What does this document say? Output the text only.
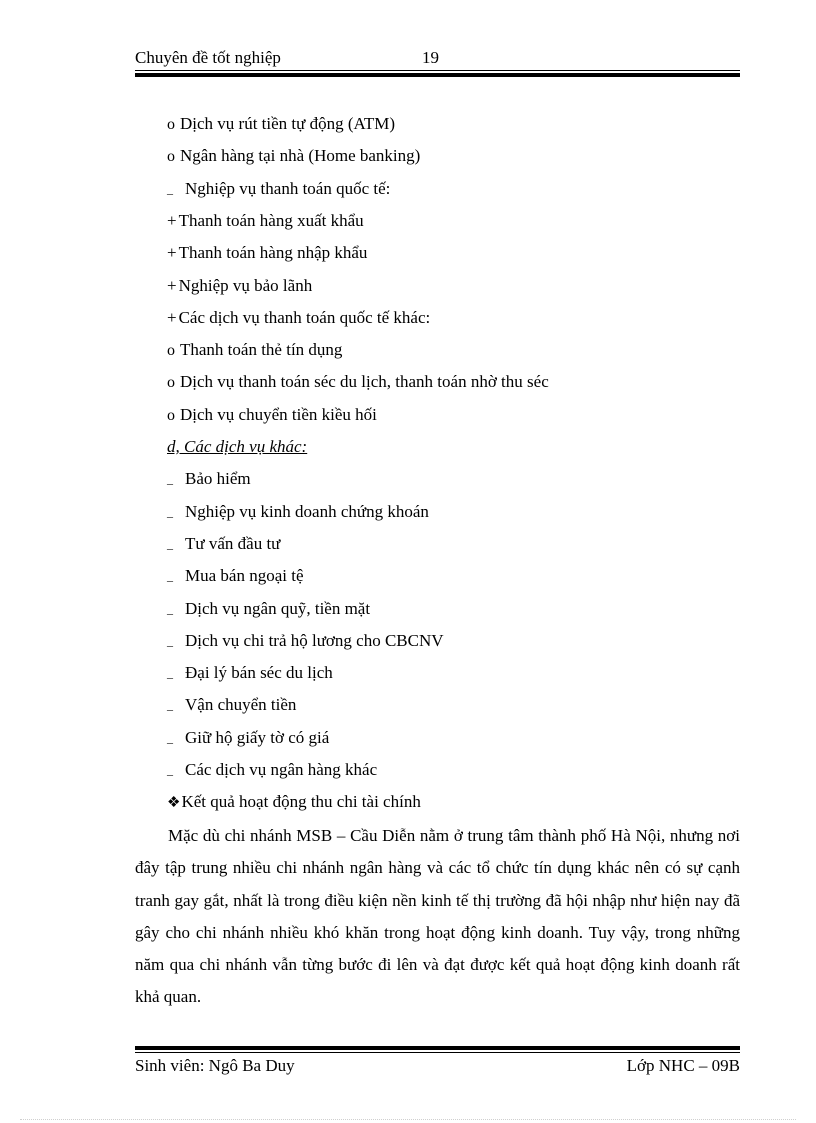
Chuyên đề tốt nghiệp	19
o Dịch vụ rút tiền tự động (ATM)
o Ngân hàng tại nhà (Home banking)
_ Nghiệp vụ thanh toán quốc tế:
+ Thanh toán hàng xuất khẩu
+ Thanh toán hàng nhập khẩu
+ Nghiệp vụ bảo lãnh
+ Các dịch vụ thanh toán quốc tế khác:
o Thanh toán thẻ tín dụng
o Dịch vụ thanh toán séc du lịch, thanh toán nhờ thu séc
o Dịch vụ chuyển tiền kiều hối
d, Các dịch vụ khác:
_ Bảo hiểm
_ Nghiệp vụ kinh doanh chứng khoán
_ Tư vấn đầu tư
_ Mua bán ngoại tệ
_ Dịch vụ ngân quỹ, tiền mặt
_ Dịch vụ chi trả hộ lương cho CBCNV
_ Đại lý bán séc du lịch
_ Vận chuyển tiền
_ Giữ hộ giấy tờ có giá
_ Các dịch vụ ngân hàng khác
❖Kết quả hoạt động thu chi tài chính
Mặc dù chi nhánh MSB – Cầu Diễn nằm ở trung tâm thành phố Hà Nội, nhưng nơi đây tập trung nhiều chi nhánh ngân hàng và các tổ chức tín dụng khác nên có sự cạnh tranh gay gắt, nhất là trong điều kiện nền kinh tế thị trường đã hội nhập như hiện nay đã gây cho chi nhánh nhiều khó khăn trong hoạt động kinh doanh. Tuy vậy, trong những năm qua chi nhánh vẫn từng bước đi lên và đạt được kết quả hoạt động kinh doanh rất khả quan.
Sinh viên: Ngô Ba Duy	Lớp NHC – 09B
